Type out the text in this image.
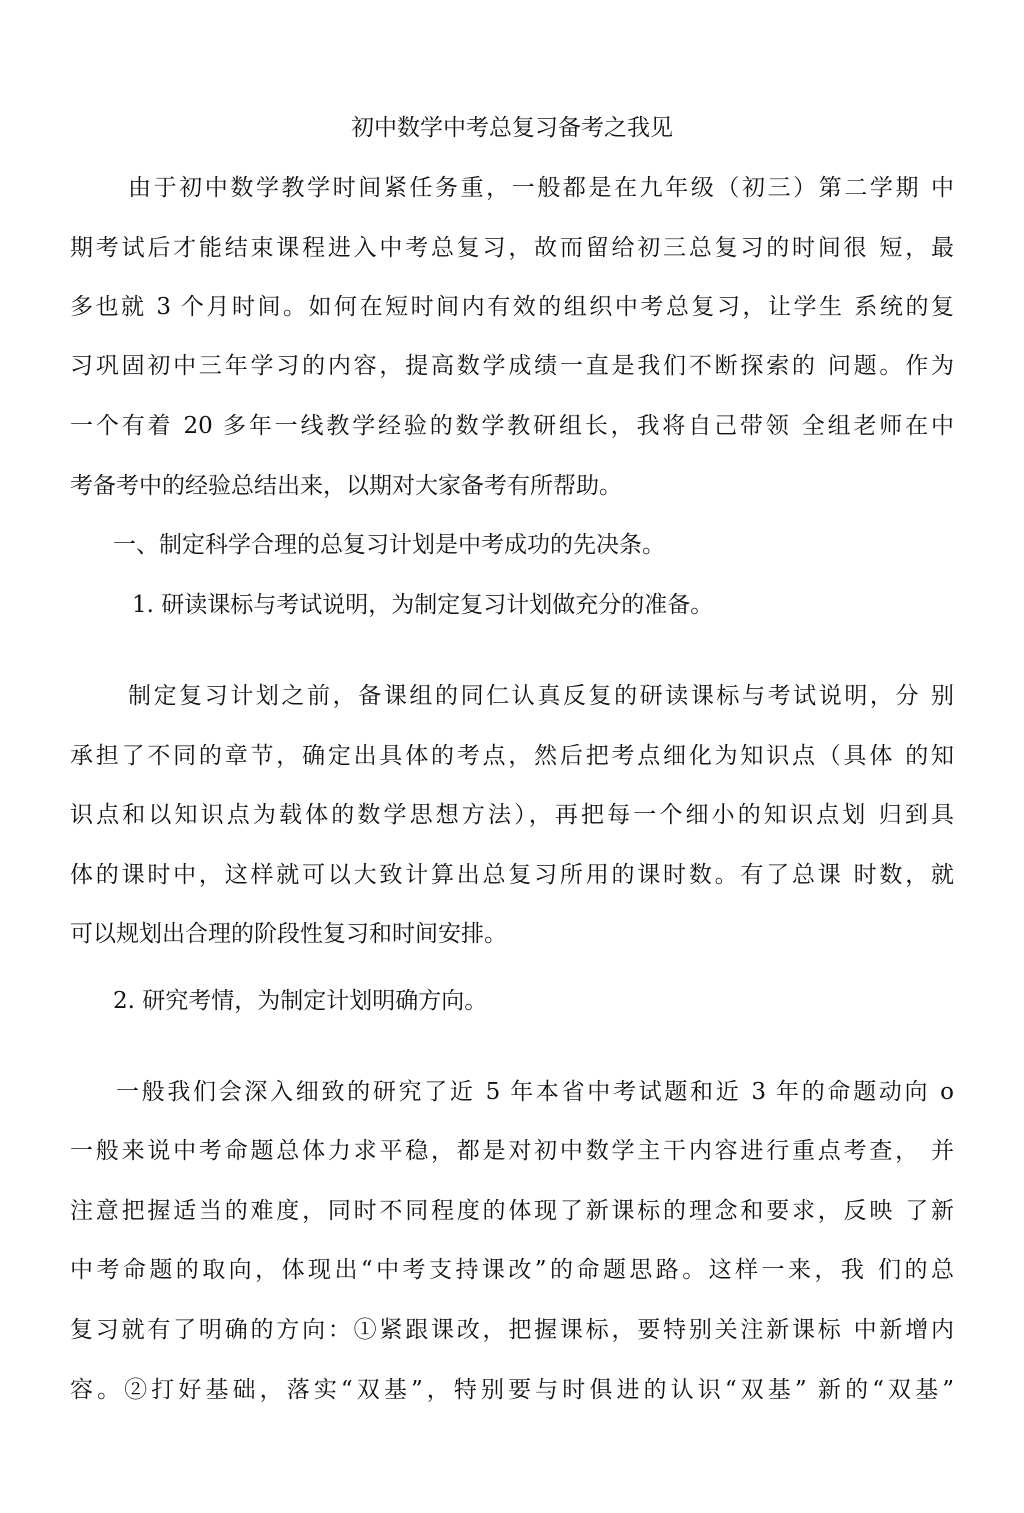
初中数学中考总复习备考之我见
由于初中数学教学时间紧任务重，一般都是在九年级（初三）第二学期 中
期考试后才能结束课程进入中考总复习，故而留给初三总复习的时间很 短，最
多也就 3 个月时间。如何在短时间内有效的组织中考总复习，让学生 系统的复
习巩固初中三年学习的内容，提高数学成绩一直是我们不断探索的 问题。作为
一个有着 20 多年一线教学经验的数学教研组长，我将自己带领 全组老师在中
考备考中的经验总结出来，以期对大家备考有所帮助。
一、制定科学合理的总复习计划是中考成功的先决条。
1. 研读课标与考试说明，为制定复习计划做充分的准备。
制定复习计划之前，备课组的同仁认真反复的研读课标与考试说明，分 别
承担了不同的章节，确定出具体的考点，然后把考点细化为知识点（具体 的知
识点和以知识点为载体的数学思想方法），再把每一个细小的知识点划 归到具
体的课时中，这样就可以大致计算出总复习所用的课时数。有了总课 时数，就
可以规划出合理的阶段性复习和时间安排。
2. 研究考情，为制定计划明确方向。
一般我们会深入细致的研究了近 5 年本省中考试题和近 3 年的命题动向 o
一般来说中考命题总体力求平稳，都是对初中数学主干内容进行重点考查， 并
注意把握适当的难度，同时不同程度的体现了新课标的理念和要求，反映 了新
中考命题的取向，体现出“中考支持课改”的命题思路。这样一来，我 们的总
复习就有了明确的方向：①紧跟课改，把握课标，要特别关注新课标 中新增内
容。②打好基础，落实“双基”，特别要与时俱进的认识“双基” 新的“双基”
